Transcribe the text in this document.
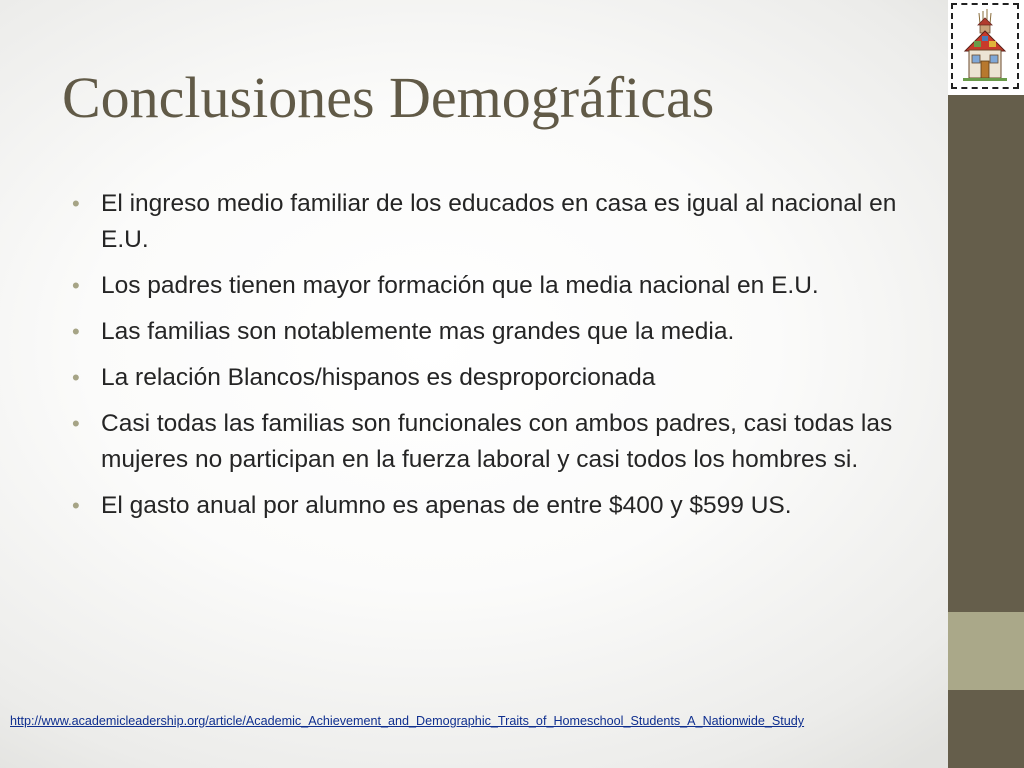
Conclusiones Demográficas
• El ingreso medio familiar de los educados en casa es igual al nacional en E.U.
• Los padres tienen mayor formación que la media nacional en E.U.
• Las familias son notablemente mas grandes que la media.
• La relación Blancos/hispanos es desproporcionada
• Casi todas las familias son funcionales con ambos padres, casi todas las mujeres no participan en la fuerza laboral y casi todos los hombres si.
• El gasto anual por alumno es apenas de entre $400 y $599 US.
http://www.academicleadership.org/article/Academic_Achievement_and_Demographic_Traits_of_Homeschool_Students_A_Nationwide_Study
